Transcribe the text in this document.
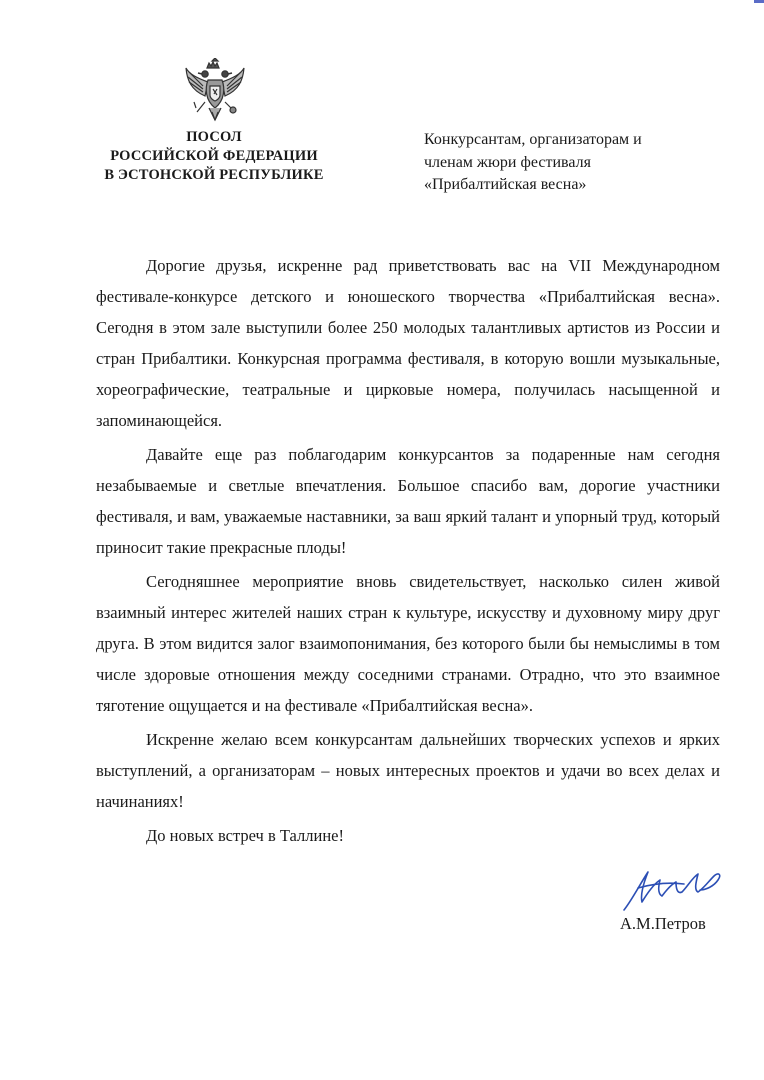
ПОСОЛ
РОССИЙСКОЙ ФЕДЕРАЦИИ
В ЭСТОНСКОЙ РЕСПУБЛИКЕ
Конкурсантам, организаторам и
членам жюри фестиваля
«Прибалтийская весна»

Дорогие друзья, искренне рад приветствовать вас на VII Международном фестивале-конкурсе детского и юношеского творчества «Прибалтийская весна». Сегодня в этом зале выступили более 250 молодых талантливых артистов из России и стран Прибалтики. Конкурсная программа фестиваля, в которую вошли музыкальные, хореографические, театральные и цирковые номера, получилась насыщенной и запоминающейся.

Давайте еще раз поблагодарим конкурсантов за подаренные нам сегодня незабываемые и светлые впечатления. Большое спасибо вам, дорогие участники фестиваля, и вам, уважаемые наставники, за ваш яркий талант и упорный труд, который приносит такие прекрасные плоды!

Сегодняшнее мероприятие вновь свидетельствует, насколько силен живой взаимный интерес жителей наших стран к культуре, искусству и духовному миру друг друга. В этом видится залог взаимопонимания, без которого были бы немыслимы в том числе здоровые отношения между соседними странами. Отрадно, что это взаимное тяготение ощущается и на фестивале «Прибалтийская весна».

Искренне желаю всем конкурсантам дальнейших творческих успехов и ярких выступлений, а организаторам – новых интересных проектов и удачи во всех делах и начинаниях!

До новых встреч в Таллине!

А.М.Петров
